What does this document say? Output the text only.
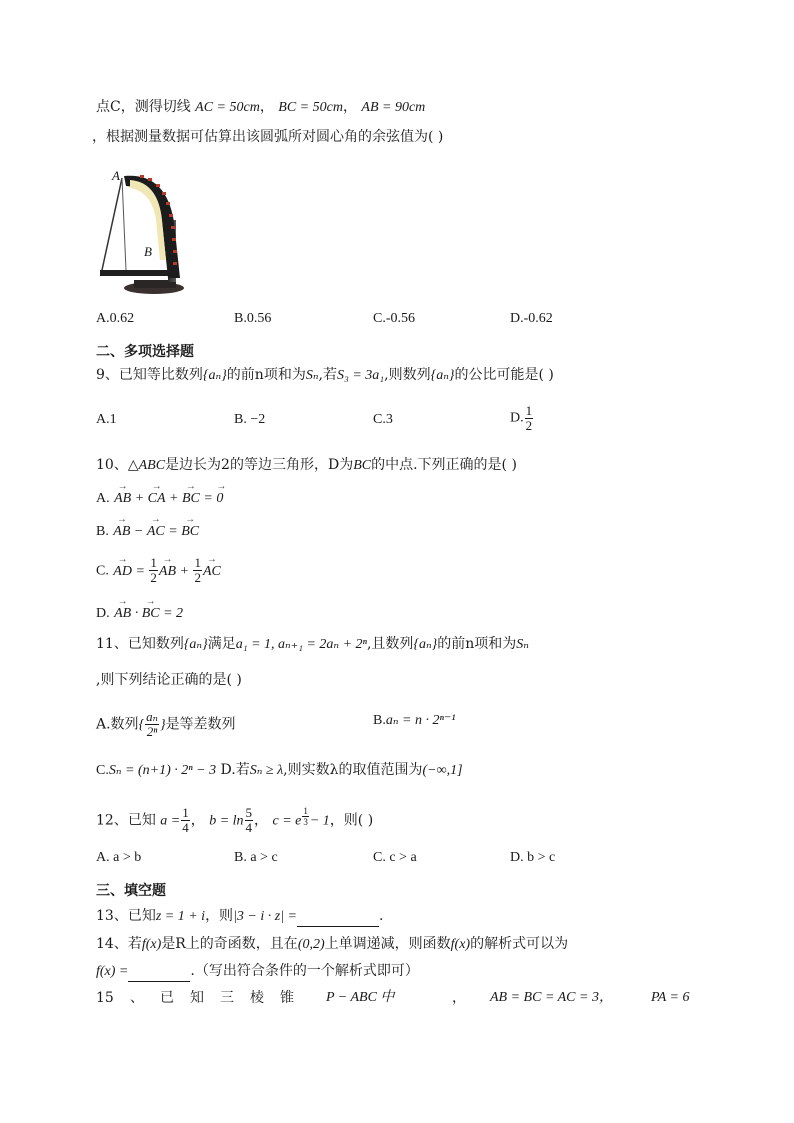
点C，测得切线 AC = 50cm， BC = 50cm， AB = 90cm
，根据测量数据可估算出该圆弧所对圆心角的余弦值为( )
A
B
A.0.62	B.0.56	C.-0.56	D.-0.62
二、多项选择题
9、已知等比数列{aₙ}的前n项和为Sₙ,若S₃ = 3a₁,则数列{aₙ}的公比可能是( )
A.1	B. −2	C.3	D. $\frac{1}{2}$
10、△ABC是边长为2的等边三角形，D为BC的中点.下列正确的是( )
A. → AB + → CA + → BC = → 0
B. → AB − → AC = → BC
C. → AD = $\frac{1}{2}$ → AB + $\frac{1}{2}$ → AC
D. → AB · → BC = 2
11、已知数列{aₙ}满足a₁ = 1, aₙ₊₁ = 2aₙ + 2ⁿ,且数列{aₙ}的前n项和为Sₙ
,则下列结论正确的是( )
A.数列{ $\frac{\text{aₙ}}{\text{2ⁿ}}$ }是等差数列	B.aₙ = n · 2ⁿ⁻¹
C.Sₙ = (n+1) · 2ⁿ − 3 D.若Sₙ ≥ λ,则实数λ的取值范围为(−∞,1]
12、已知 $a = \frac{1}{4}$ ， $b = \ln \frac{5}{4}$ ， c = e $^{\frac{1}{3}}$ − 1，则( )
A. a > b	B. a > c	C. c > a	D. b > c
三、填空题
13、已知z = 1 + i，则|3 − i · z| =	.
14、若f(x)是R上的奇函数，且在(0,2)上单调递减，则函数f(x)的解析式可以为
f(x) =	.（写出符合条件的一个解析式即可）
15 、 已 知 三 棱 锥 P − ABC 中	， AB = BC = AC = 3，	PA = 6
